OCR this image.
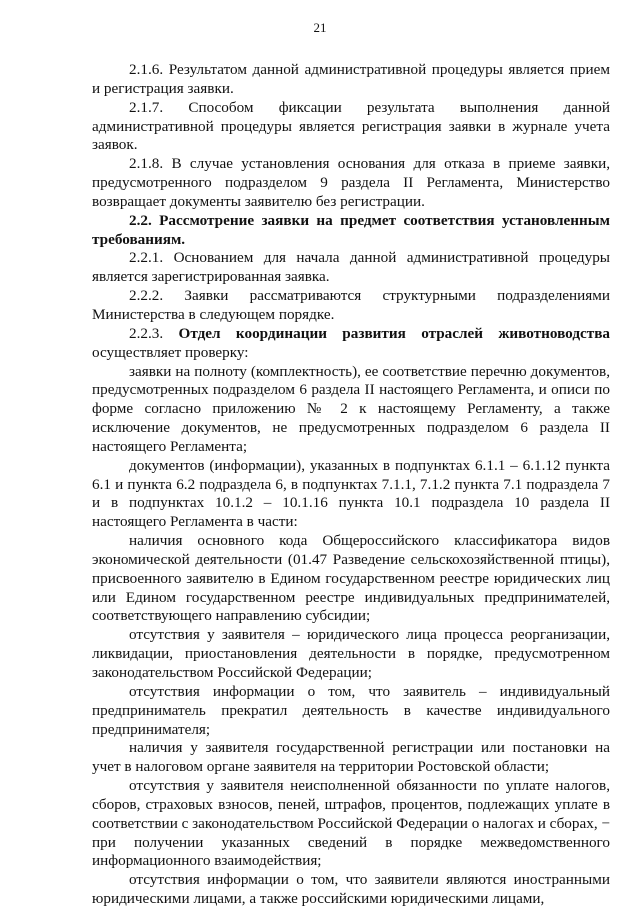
21

2.1.6. Результатом данной административной процедуры является прием и регистрация заявки.

2.1.7. Способом фиксации результата выполнения данной административной процедуры является регистрация заявки в журнале учета заявок.

2.1.8. В случае установления основания для отказа в приеме заявки, предусмотренного подразделом 9 раздела II Регламента, Министерство возвращает документы заявителю без регистрации.

2.2. Рассмотрение заявки на предмет соответствия установленным требованиям.

2.2.1. Основанием для начала данной административной процедуры является зарегистрированная заявка.

2.2.2. Заявки рассматриваются структурными подразделениями Министерства в следующем порядке.

2.2.3. Отдел координации развития отраслей животноводства осуществляет проверку:

заявки на полноту (комплектность), ее соответствие перечню документов, предусмотренных подразделом 6 раздела II настоящего Регламента, и описи по форме согласно приложению № 2 к настоящему Регламенту, а также исключение документов, не предусмотренных подразделом 6 раздела II настоящего Регламента;

документов (информации), указанных в подпунктах 6.1.1 – 6.1.12 пункта 6.1 и пункта 6.2 подраздела 6, в подпунктах 7.1.1, 7.1.2 пункта 7.1 подраздела 7 и в подпунктах 10.1.2 – 10.1.16 пункта 10.1 подраздела 10 раздела II настоящего Регламента в части:

наличия основного кода Общероссийского классификатора видов экономической деятельности (01.47 Разведение сельскохозяйственной птицы), присвоенного заявителю в Едином государственном реестре юридических лиц или Едином государственном реестре индивидуальных предпринимателей, соответствующего направлению субсидии;

отсутствия у заявителя – юридического лица процесса реорганизации, ликвидации, приостановления деятельности в порядке, предусмотренном законодательством Российской Федерации;

отсутствия информации о том, что заявитель – индивидуальный предприниматель прекратил деятельность в качестве индивидуального предпринимателя;

наличия у заявителя государственной регистрации или постановки на учет в налоговом органе заявителя на территории Ростовской области;

отсутствия у заявителя неисполненной обязанности по уплате налогов, сборов, страховых взносов, пеней, штрафов, процентов, подлежащих уплате в соответствии с законодательством Российской Федерации о налогах и сборах, − при получении указанных сведений в порядке межведомственного информационного взаимодействия;

отсутствия информации о том, что заявители являются иностранными юридическими лицами, а также российскими юридическими лицами,
